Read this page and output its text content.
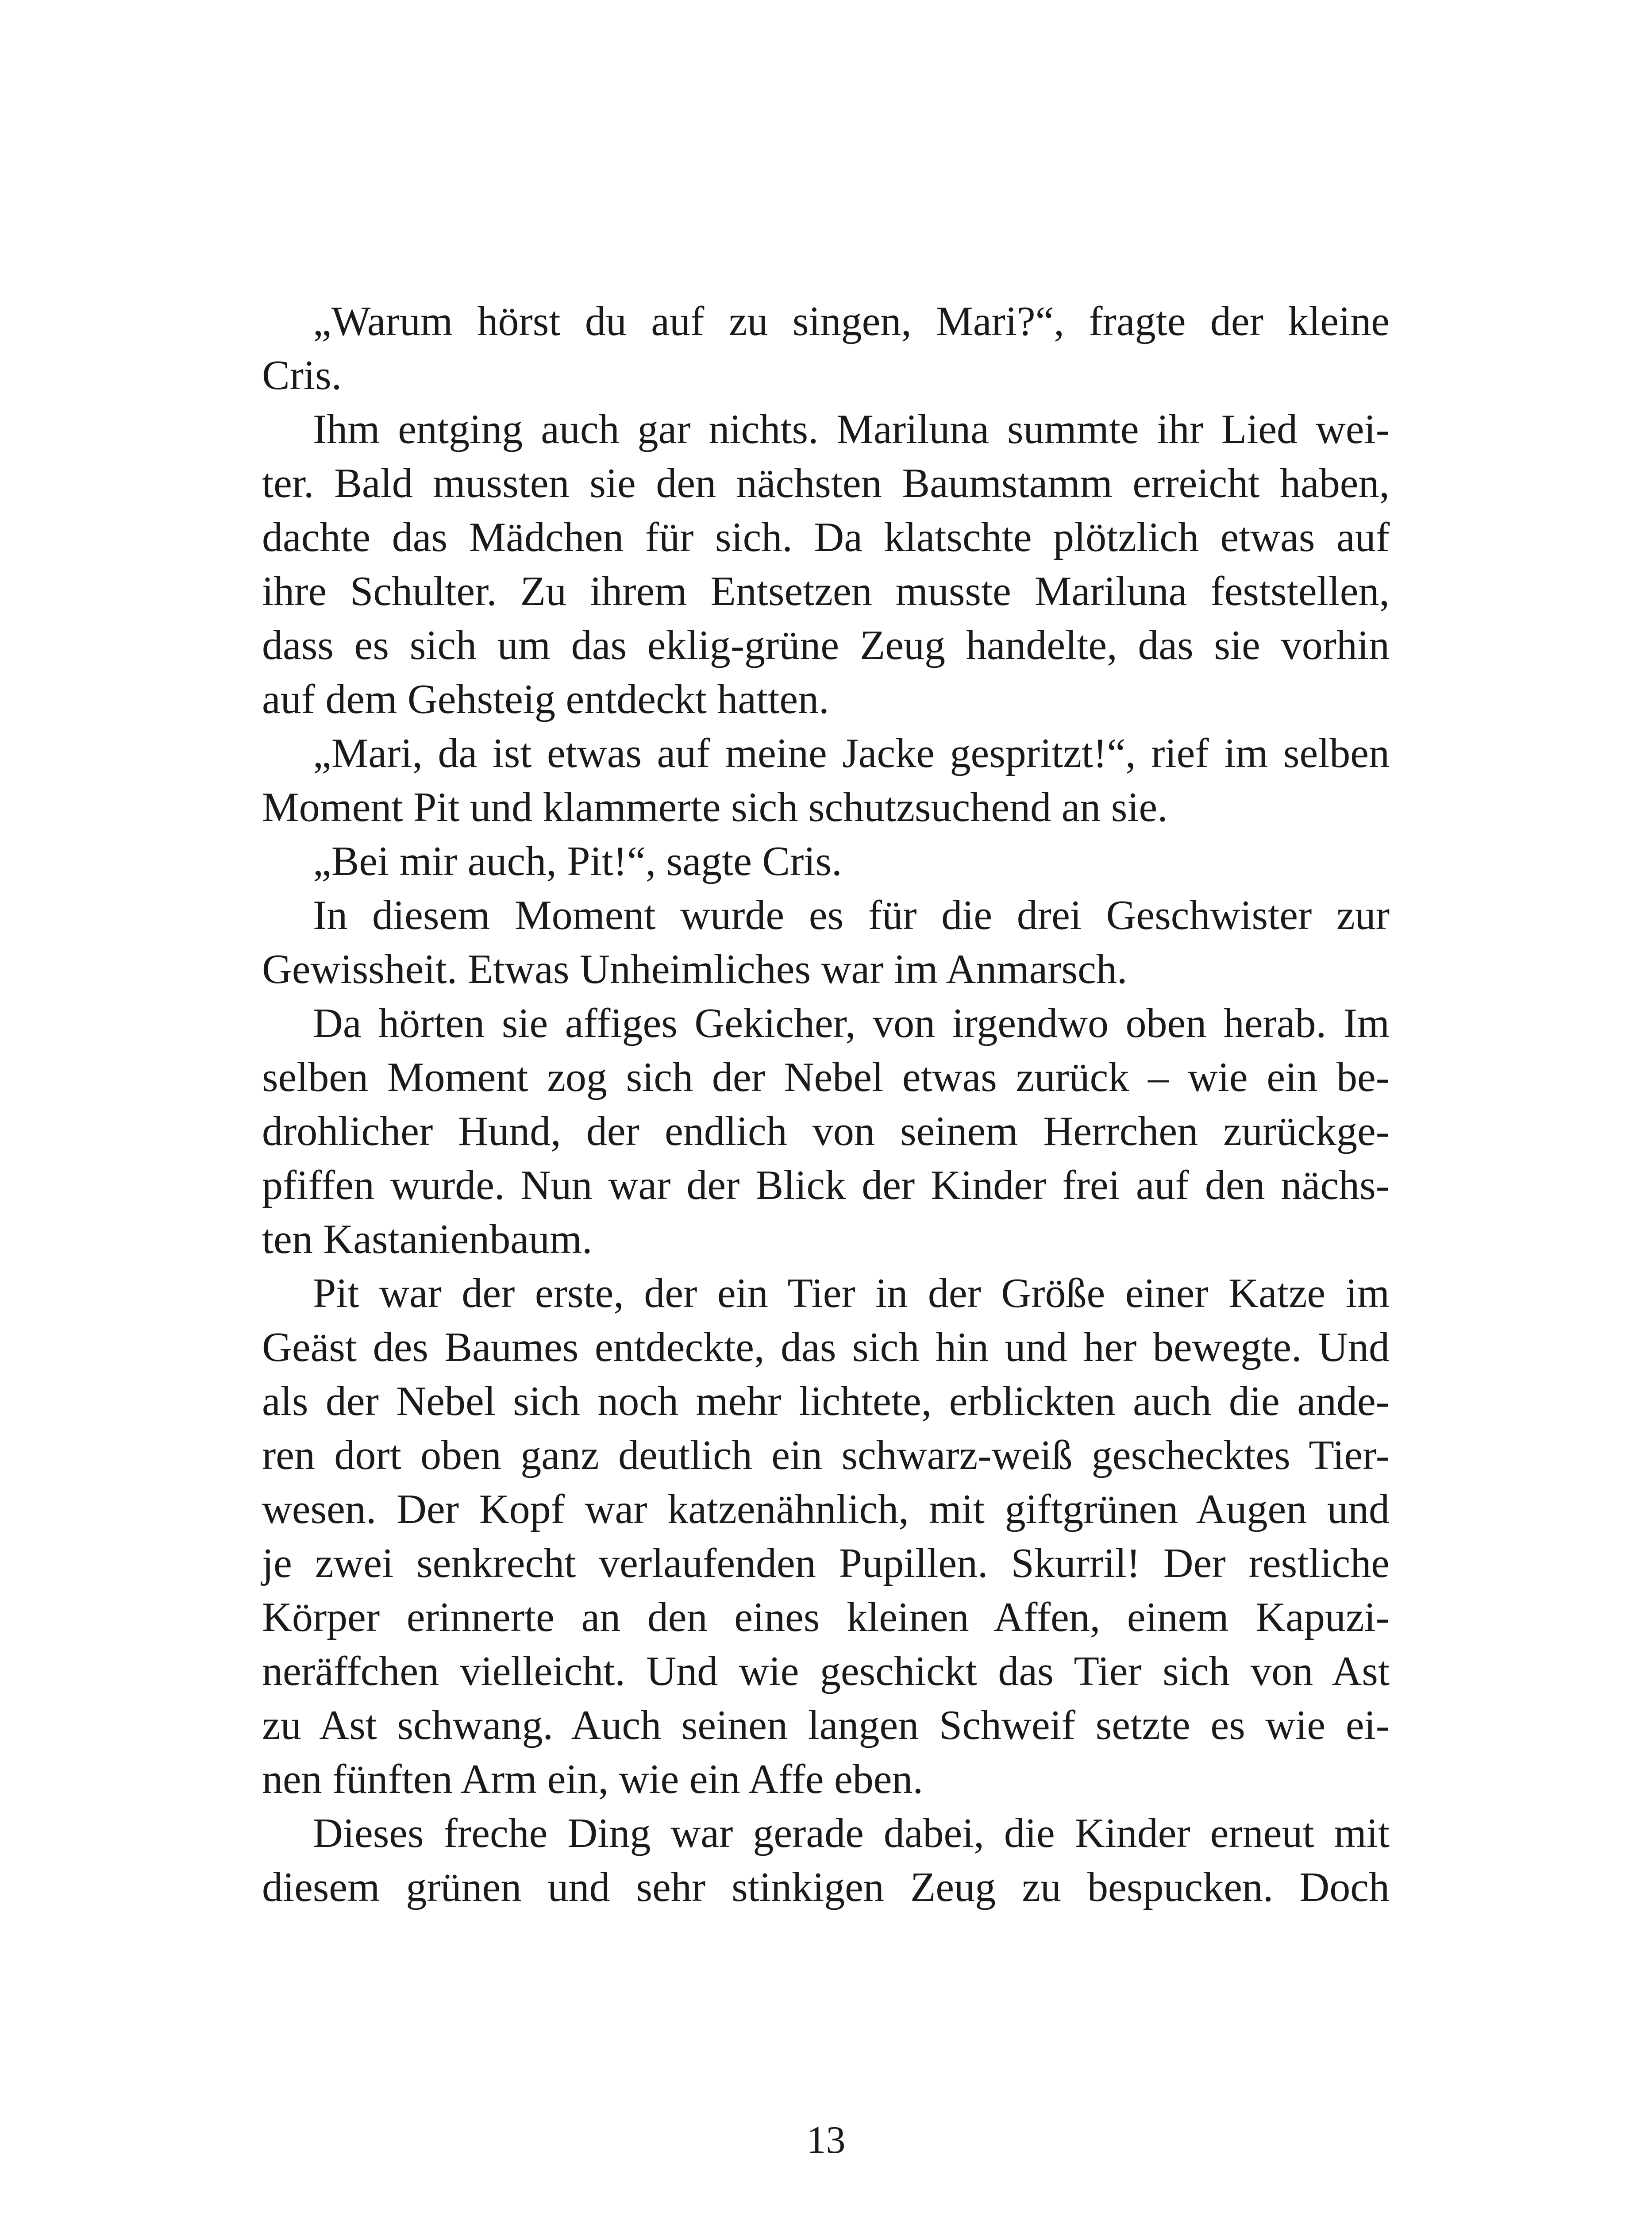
„Warum hörst du auf zu singen, Mari?“, fragte der kleine
Cris.
Ihm entging auch gar nichts. Mariluna summte ihr Lied wei-
ter. Bald mussten sie den nächsten Baumstamm erreicht haben,
dachte das Mädchen für sich. Da klatschte plötzlich etwas auf
ihre Schulter. Zu ihrem Entsetzen musste Mariluna feststellen,
dass es sich um das eklig-grüne Zeug handelte, das sie vorhin
auf dem Gehsteig entdeckt hatten.
„Mari, da ist etwas auf meine Jacke gespritzt!“, rief im selben
Moment Pit und klammerte sich schutzsuchend an sie.
„Bei mir auch, Pit!“, sagte Cris.
In diesem Moment wurde es für die drei Geschwister zur
Gewissheit. Etwas Unheimliches war im Anmarsch.
Da hörten sie affiges Gekicher, von irgendwo oben herab. Im
selben Moment zog sich der Nebel etwas zurück – wie ein be-
drohlicher Hund, der endlich von seinem Herrchen zurückge-
pfiffen wurde. Nun war der Blick der Kinder frei auf den nächs-
ten Kastanienbaum.
Pit war der erste, der ein Tier in der Größe einer Katze im
Geäst des Baumes entdeckte, das sich hin und her bewegte. Und
als der Nebel sich noch mehr lichtete, erblickten auch die ande-
ren dort oben ganz deutlich ein schwarz-weiß geschecktes Tier-
wesen. Der Kopf war katzenähnlich, mit giftgrünen Augen und
je zwei senkrecht verlaufenden Pupillen. Skurril! Der restliche
Körper erinnerte an den eines kleinen Affen, einem Kapuzi-
neräffchen vielleicht. Und wie geschickt das Tier sich von Ast
zu Ast schwang. Auch seinen langen Schweif setzte es wie ei-
nen fünften Arm ein, wie ein Affe eben.
Dieses freche Ding war gerade dabei, die Kinder erneut mit
diesem grünen und sehr stinkigen Zeug zu bespucken. Doch
13
